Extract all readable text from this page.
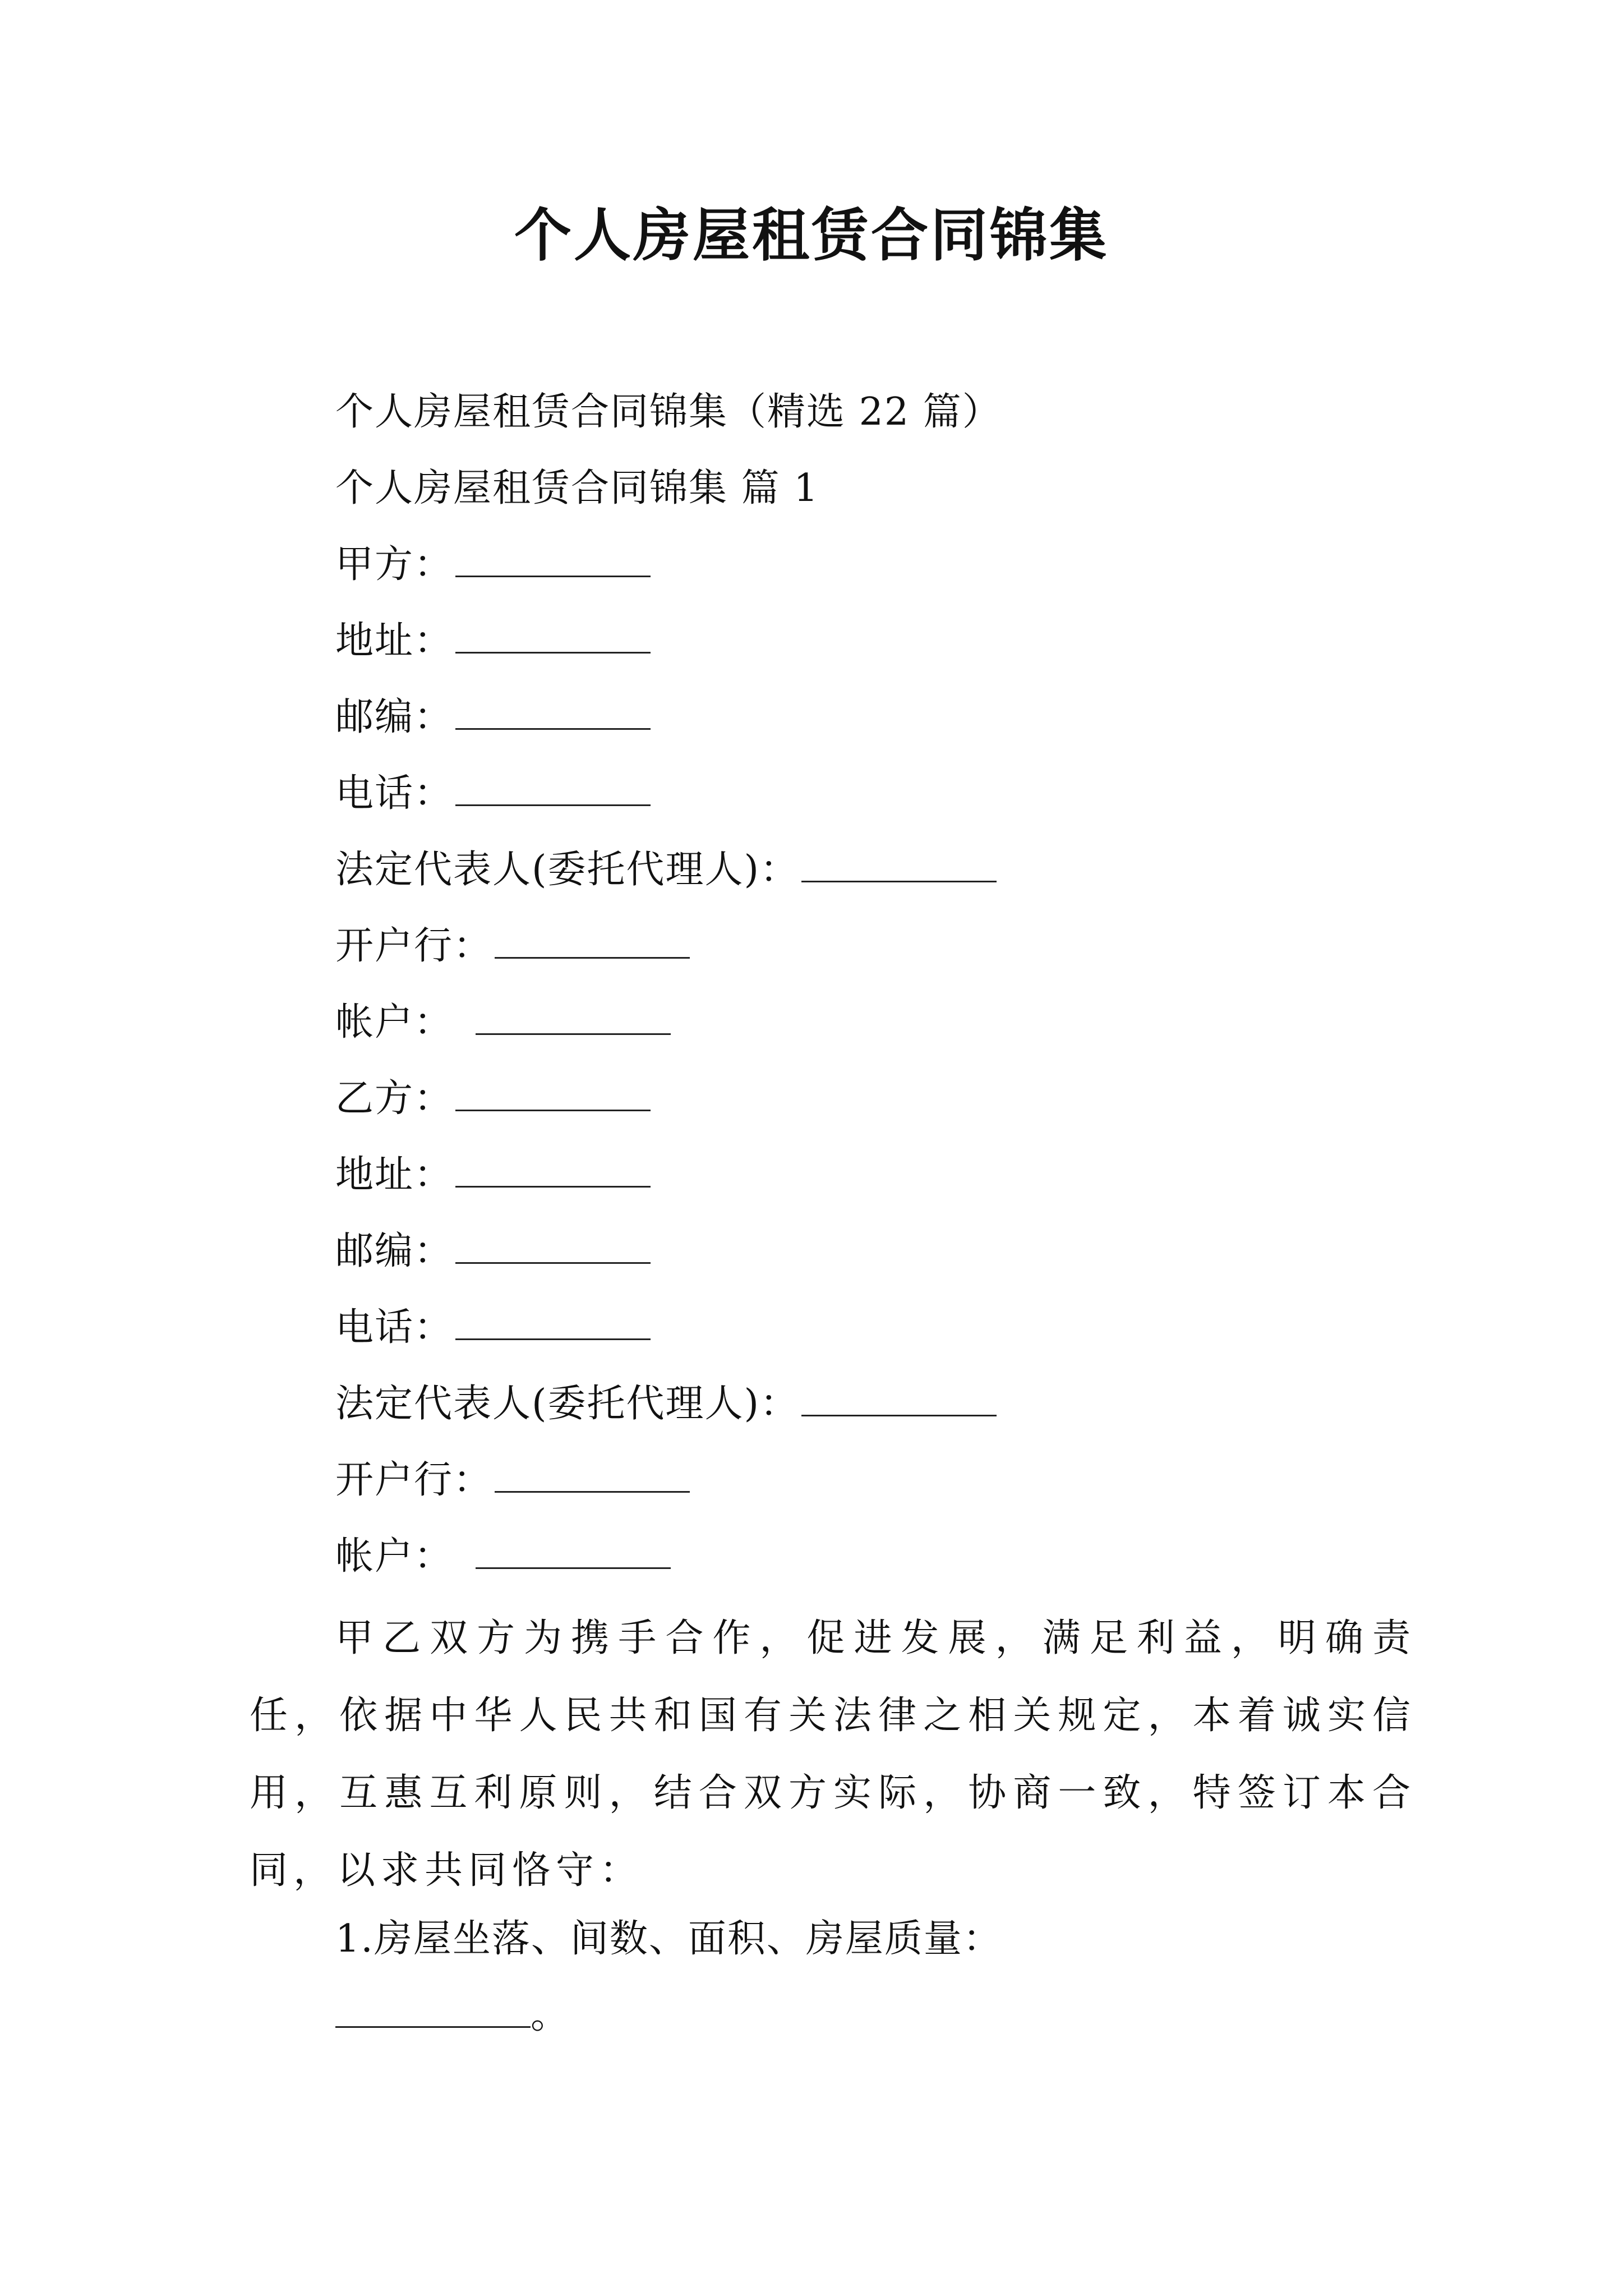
个人房屋租赁合同锦集
个人房屋租赁合同锦集（精选 22 篇）
个人房屋租赁合同锦集 篇 1
甲方：
地址：
邮编：
电话：
法定代表人(委托代理人)：
开户行：
帐户：
乙方：
地址：
邮编：
电话：
法定代表人(委托代理人)：
开户行：
帐户：
甲乙双方为携手合作，促进发展，满足利益，明确责任，依据中华人民共和国有关法律之相关规定，本着诚实信用，互惠互利原则，结合双方实际，协商一致，特签订本合同，以求共同恪守：
1.房屋坐落、间数、面积、房屋质量：
。
